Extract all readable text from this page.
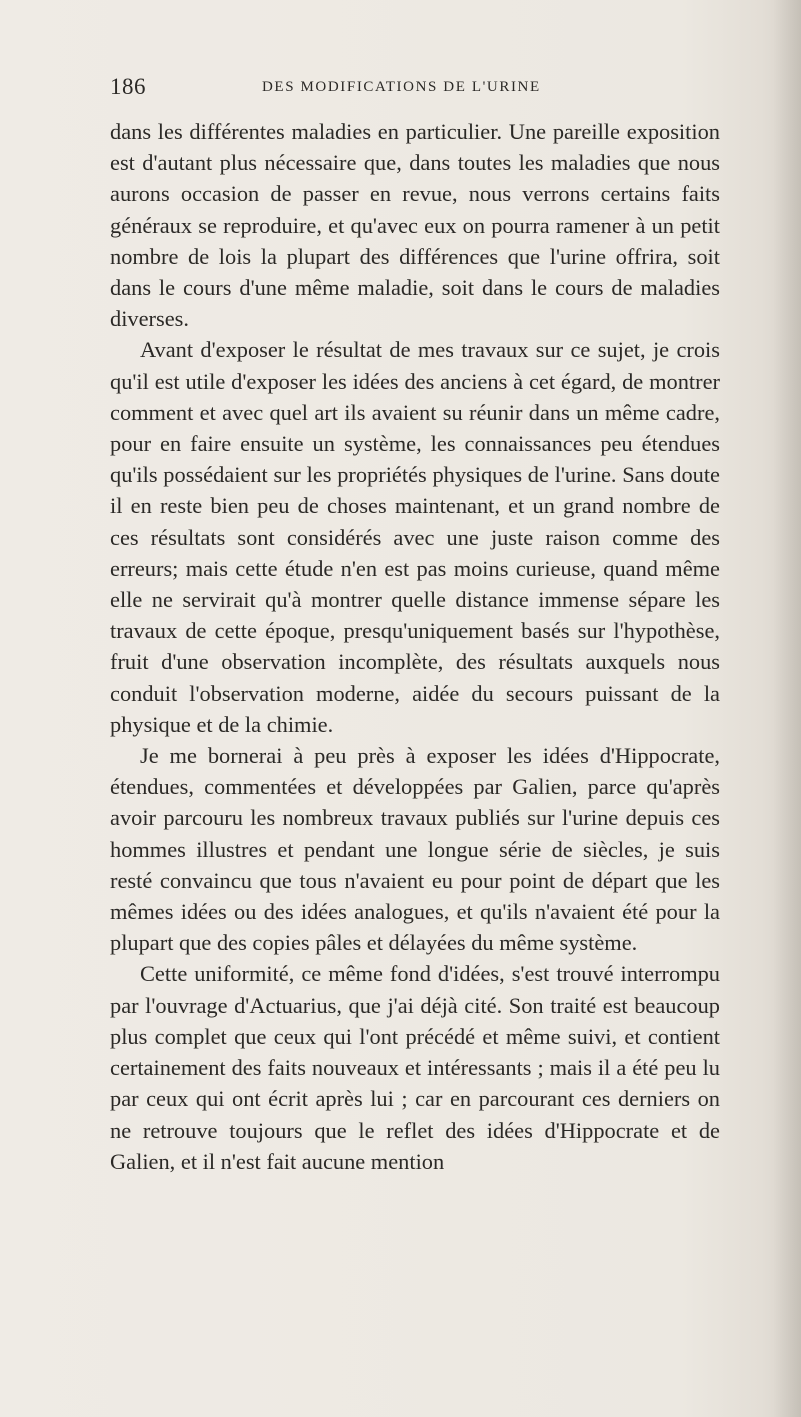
186	DES MODIFICATIONS DE L'URINE

dans les différentes maladies en particulier. Une pareille exposition est d'autant plus nécessaire que, dans toutes les maladies que nous aurons occasion de passer en revue, nous verrons certains faits généraux se reproduire, et qu'avec eux on pourra ramener à un petit nombre de lois la plupart des différences que l'urine offrira, soit dans le cours d'une même maladie, soit dans le cours de maladies diverses.

Avant d'exposer le résultat de mes travaux sur ce sujet, je crois qu'il est utile d'exposer les idées des anciens à cet égard, de montrer comment et avec quel art ils avaient su réunir dans un même cadre, pour en faire ensuite un système, les connaissances peu étendues qu'ils possédaient sur les propriétés physiques de l'urine. Sans doute il en reste bien peu de choses maintenant, et un grand nombre de ces résultats sont considérés avec une juste raison comme des erreurs; mais cette étude n'en est pas moins curieuse, quand même elle ne servirait qu'à montrer quelle distance immense sépare les travaux de cette époque, presqu'uniquement basés sur l'hypothèse, fruit d'une observation incomplète, des résultats auxquels nous conduit l'observation moderne, aidée du secours puissant de la physique et de la chimie.

Je me bornerai à peu près à exposer les idées d'Hippocrate, étendues, commentées et développées par Galien, parce qu'après avoir parcouru les nombreux travaux publiés sur l'urine depuis ces hommes illustres et pendant une longue série de siècles, je suis resté convaincu que tous n'avaient eu pour point de départ que les mêmes idées ou des idées analogues, et qu'ils n'avaient été pour la plupart que des copies pâles et délayées du même système.

Cette uniformité, ce même fond d'idées, s'est trouvé interrompu par l'ouvrage d'Actuarius, que j'ai déjà cité. Son traité est beaucoup plus complet que ceux qui l'ont précédé et même suivi, et contient certainement des faits nouveaux et intéressants ; mais il a été peu lu par ceux qui ont écrit après lui ; car en parcourant ces derniers on ne retrouve toujours que le reflet des idées d'Hippocrate et de Galien, et il n'est fait aucune mention
